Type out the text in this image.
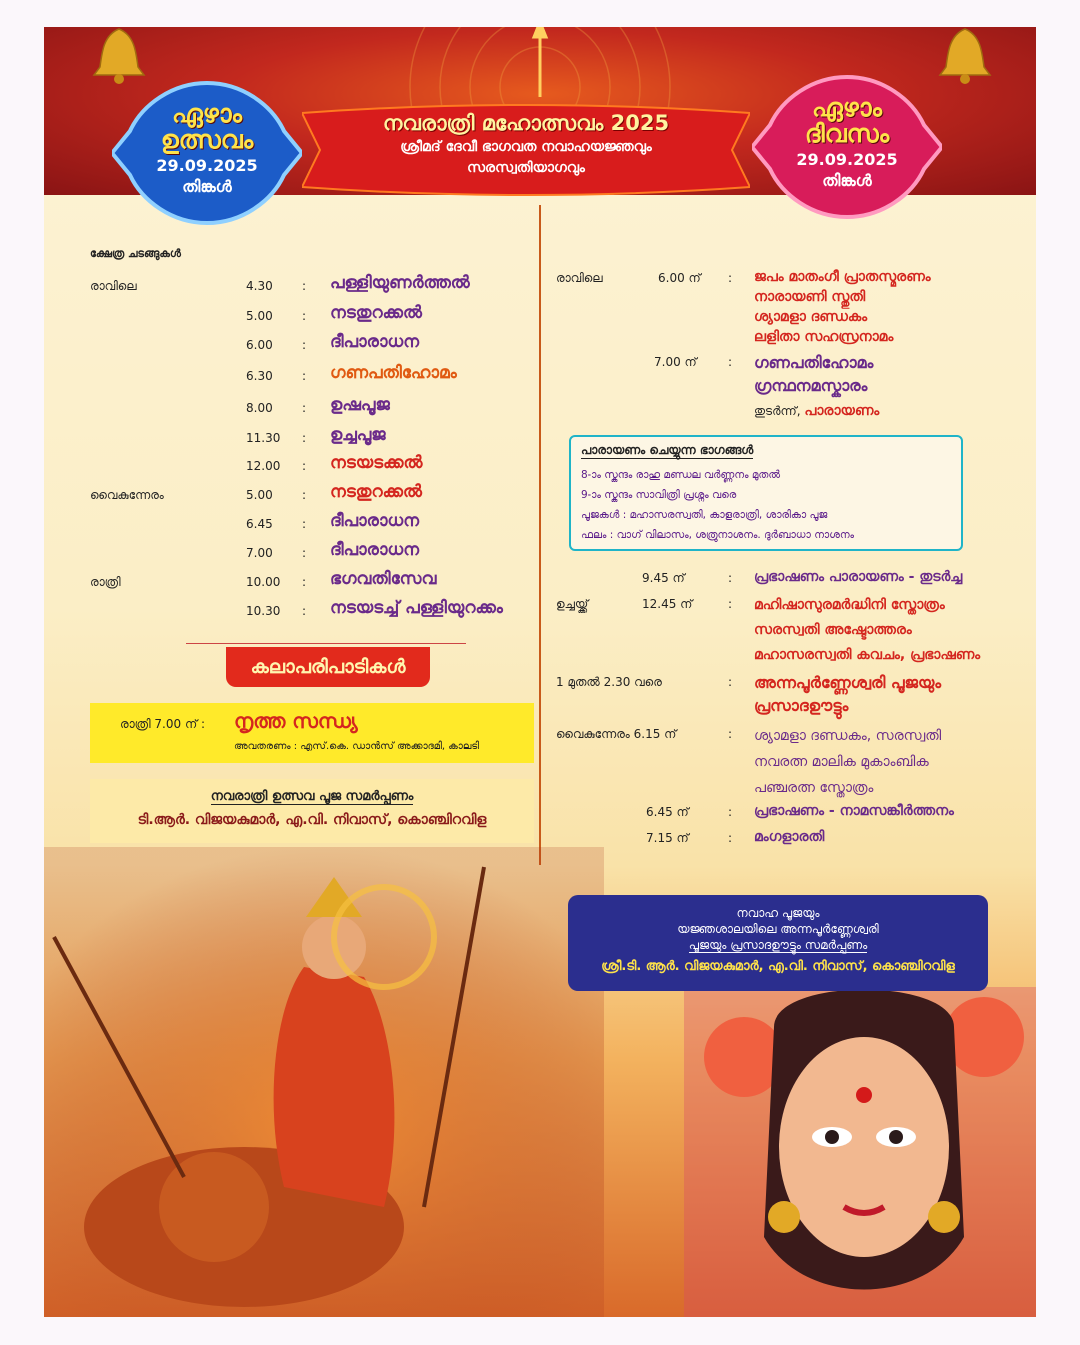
നവരാത്രി മഹോത്സവം 2025
ശ്രീമദ് ദേവീ ഭാഗവത നവാഹയജ്ഞവും
സരസ്വതിയാഗവും
ഏഴാം
ഉത്സവം
29.09.2025
തിങ്കൾ
ഏഴാം
ദിവസം
29.09.2025
തിങ്കൾ
ക്ഷേത്ര ചടങ്ങുകൾ
രാവിലെ	4.30 : പള്ളിയുണർത്തൽ
5.00 : നടതുറക്കൽ
6.00 : ദീപാരാധന
6.30 : ഗണപതിഹോമം
8.00 : ഉഷപൂജ
11.30 : ഉച്ചപൂജ
12.00 : നടയടക്കൽ
വൈകുന്നേരം	5.00 : നടതുറക്കൽ
6.45 : ദീപാരാധന
7.00 : ദീപാരാധന
രാത്രി	10.00 : ഭഗവതിസേവ
10.30 : നടയടച്ച് പള്ളിയുറക്കം
കലാപരിപാടികൾ
രാത്രി 7.00 ന് : നൃത്ത സന്ധ്യ
അവതരണം : എസ്.കെ. ഡാൻസ് അക്കാദമി, കാലടി
നവരാത്രി ഉത്സവ പൂജ സമർപ്പണം
ടി.ആർ. വിജയകുമാർ, എ.വി. നിവാസ്, കൊഞ്ചിറവിള
രാവിലെ	6.00 ന് : ജപം മാതംഗീ പ്രാതസ്മരണം
നാരായണി സ്തുതി
ശ്യാമളാ ദണ്ഡകം
ലളിതാ സഹസ്രനാമം
7.00 ന്	: ഗണപതിഹോമം
ഗ്രന്ഥനമസ്കാരം
തുടർന്ന്, പാരായണം
പാരായണം ചെയ്യുന്ന ഭാഗങ്ങൾ
8-ാം സ്കന്ദം രാഹു മണ്ഡല വർണ്ണനം മുതൽ
9-ാം സ്കന്ദം സാവിത്രി പ്രശ്നം വരെ
പൂജകൾ : മഹാസരസ്വതി, കാളരാത്രി, ശാരികാ പൂജ
ഫലം : വാഗ് വിലാസം, ശത്രുനാശനം. ദുർബാധാ നാശനം
9.45 ന്	: പ്രഭാഷണം പാരായണം - തുടർച്ച
ഉച്ചയ്ക്ക്	12.45 ന്	: മഹിഷാസുരമർദ്ധിനി സ്തോത്രം
സരസ്വതി അഷ്ടോത്തരം
മഹാസരസ്വതി കവചം, പ്രഭാഷണം
1 മുതൽ 2.30 വരെ	: അന്നപൂർണ്ണേശ്വരി പൂജയും
പ്രസാദഊട്ടും
വൈകുന്നേരം 6.15 ന്	: ശ്യാമളാ ദണ്ഡകം, സരസ്വതി
നവരത്ന മാലിക മുകാംബിക
പഞ്ചരത്ന സ്തോത്രം
6.45 ന്	: പ്രഭാഷണം - നാമസങ്കീർത്തനം
7.15 ന്	: മംഗളാരതി
നവാഹ പൂജയും
യജ്ഞശാലയിലെ അന്നപൂർണ്ണേശ്വരി
പൂജയും പ്രസാദഊട്ടും സമർപ്പണം
ശ്രീ.ടി. ആർ. വിജയകുമാർ, എ.വി. നിവാസ്, കൊഞ്ചിറവിള
